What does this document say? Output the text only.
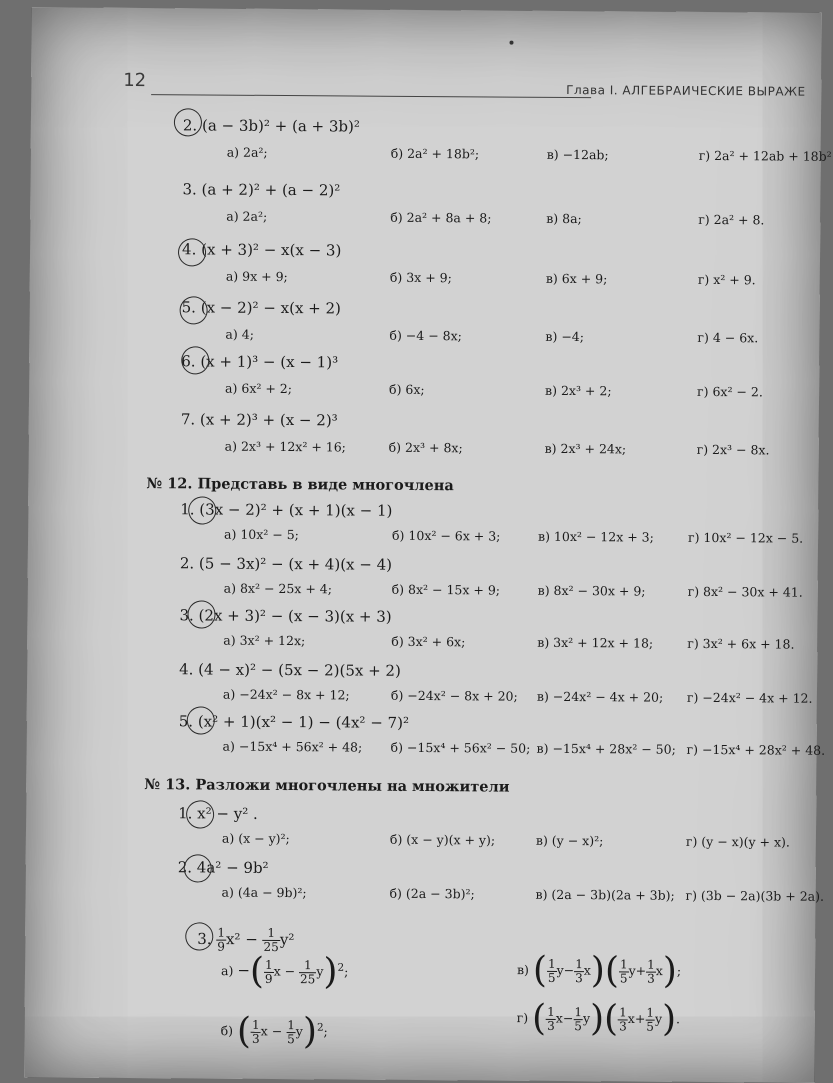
12	Глава I. АЛГЕБРАИЧЕСКИЕ ВЫРАЖЕ
2. (a − 3b)² + (a + 3b)²
а) 2a²;	б) 2a² + 18b²;	в) −12ab;	г) 2a² + 12ab + 18b²
3. (a + 2)² + (a − 2)²
а) 2a²;	б) 2a² + 8a + 8;	в) 8a;	г) 2a² + 8.
4. (x + 3)² − x(x − 3)
а) 9x + 9;	б) 3x + 9;	в) 6x + 9;	г) x² + 9.
5. (x − 2)² − x(x + 2)
а) 4;	б) −4 − 8x;	в) −4;	г) 4 − 6x.
6. (x + 1)³ − (x − 1)³
а) 6x² + 2;	б) 6x;	в) 2x³ + 2;	г) 6x² − 2.
7. (x + 2)³ + (x − 2)³
а) 2x³ + 12x² + 16;	б) 2x³ + 8x;	в) 2x³ + 24x;	г) 2x³ − 8x.
№ 12. Представь в виде многочлена
1. (3x − 2)² + (x + 1)(x − 1)
а) 10x² − 5;	б) 10x² − 6x + 3;	в) 10x² − 12x + 3;	г) 10x² − 12x − 5.
2. (5 − 3x)² − (x + 4)(x − 4)
а) 8x² − 25x + 4;	б) 8x² − 15x + 9;	в) 8x² − 30x + 9;	г) 8x² − 30x + 41.
3. (2x + 3)² − (x − 3)(x + 3)
а) 3x² + 12x;	б) 3x² + 6x;	в) 3x² + 12x + 18;	г) 3x² + 6x + 18.
4. (4 − x)² − (5x − 2)(5x + 2)
а) −24x² − 8x + 12;	б) −24x² − 8x + 20; в) −24x² − 4x + 20; г) −24x² − 4x + 12.
5. (x² + 1)(x² − 1) − (4x² − 7)²
а) −15x⁴ + 56x² + 48; б) −15x⁴ + 56x² − 50; в) −15x⁴ + 28x² − 50; г) −15x⁴ + 28x² + 48.
№ 13. Разложи многочлены на множители
1. x² − y² .
а) (x − y)²;	б) (x − y)(x + y);	в) (y − x)²;	г) (y − x)(y + x).
2. 4a² − 9b²
а) (4a − 9b)²;	б) (2a − 3b)²;	в) (2a − 3b)(2a + 3b); г) (3b − 2a)(3b + 2a).
3. $\frac{1}{9} x^2 - \frac{1}{25} y^2$
а) −( $\frac{1}{9}$ $x - \frac{1}{25} y)^2$;
б) ( $\frac{1}{3}$ $x - \frac{1}{5} y)^2$;
в) ( $\frac{1}{5} y- \frac{1}{3} x)( \frac{1}{5} y+ \frac{1}{3} x)$;
г) ( $\frac{1}{3} x- \frac{1}{5} y)( \frac{1}{3} x+ \frac{1}{5} y)$.
